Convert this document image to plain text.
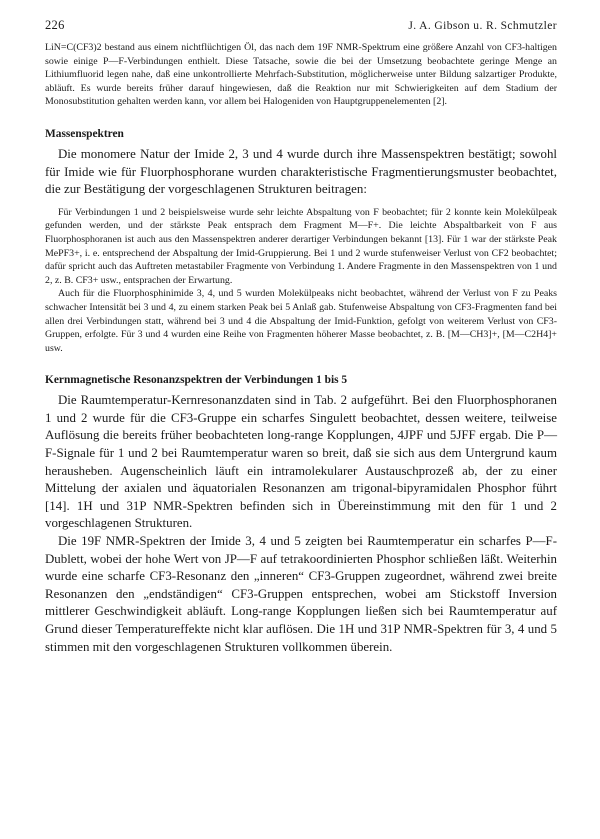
226	J. A. Gibson u. R. Schmutzler

LiN=C(CF3)2 bestand aus einem nichtflüchtigen Öl, das nach dem 19F NMR-Spektrum eine größere Anzahl von CF3-haltigen sowie einige P—F-Verbindungen enthielt. Diese Tatsache, sowie die bei der Umsetzung beobachtete geringe Menge an Lithiumfluorid legen nahe, daß eine unkontrollierte Mehrfach-Substitution, möglicherweise unter Bildung salzartiger Produkte, abläuft. Es wurde bereits früher darauf hingewiesen, daß die Reaktion nur mit Schwierigkeiten auf dem Stadium der Monosubstitution gehalten werden kann, vor allem bei Halogeniden von Hauptgruppenelementen [2].

Massenspektren

Die monomere Natur der Imide 2, 3 und 4 wurde durch ihre Massenspektren bestätigt; sowohl für Imide wie für Fluorphosphorane wurden charakteristische Fragmentierungsmuster beobachtet, die zur Bestätigung der vorgeschlagenen Strukturen beitragen:

Für Verbindungen 1 und 2 beispielsweise wurde sehr leichte Abspaltung von F beobachtet; für 2 konnte kein Molekülpeak gefunden werden, und der stärkste Peak entsprach dem Fragment M—F+. Die leichte Abspaltbarkeit von F aus Fluorphosphoranen ist auch aus den Massenspektren anderer derartiger Verbindungen bekannt [13]. Für 1 war der stärkste Peak MePF3+, i. e. entsprechend der Abspaltung der Imid-Gruppierung. Bei 1 und 2 wurde stufenweiser Verlust von CF2 beobachtet; dafür spricht auch das Auftreten metastabiler Fragmente von Verbindung 1. Andere Fragmente in den Massenspektren von 1 und 2, z. B. CF3+ usw., entsprachen der Erwartung.

Auch für die Fluorphosphinimide 3, 4, und 5 wurden Molekülpeaks nicht beobachtet, während der Verlust von F zu Peaks schwacher Intensität bei 3 und 4, zu einem starken Peak bei 5 Anlaß gab. Stufenweise Abspaltung von CF3-Fragmenten fand bei allen drei Verbindungen statt, während bei 3 und 4 die Abspaltung der Imid-Funktion, gefolgt von weiterem Verlust von CF3-Gruppen, erfolgte. Für 3 und 4 wurden eine Reihe von Fragmenten höherer Masse beobachtet, z. B. [M—CH3]+, [M—C2H4]+ usw.

Kernmagnetische Resonanzspektren der Verbindungen 1 bis 5

Die Raumtemperatur-Kernresonanzdaten sind in Tab. 2 aufgeführt. Bei den Fluorphosphoranen 1 und 2 wurde für die CF3-Gruppe ein scharfes Singulett beobachtet, dessen weitere, teilweise Auflösung die bereits früher beobachteten long-range Kopplungen, 4JPF und 5JFF ergab. Die P—F-Signale für 1 und 2 bei Raumtemperatur waren so breit, daß sie sich aus dem Untergrund kaum herausheben. Augenscheinlich läuft ein intramolekularer Austauschprozeß ab, der zu einer Mittelung der axialen und äquatorialen Resonanzen am trigonal-bipyramidalen Phosphor führt [14]. 1H und 31P NMR-Spektren befinden sich in Übereinstimmung mit den für 1 und 2 vorgeschlagenen Strukturen.

Die 19F NMR-Spektren der Imide 3, 4 und 5 zeigten bei Raumtemperatur ein scharfes P—F-Dublett, wobei der hohe Wert von JP—F auf tetrakoordinierten Phosphor schließen läßt. Weiterhin wurde eine scharfe CF3-Resonanz den „inneren“ CF3-Gruppen zugeordnet, während zwei breite Resonanzen den „endständigen“ CF3-Gruppen entsprechen, wobei am Stickstoff Inversion mittlerer Geschwindigkeit abläuft. Long-range Kopplungen ließen sich bei Raumtemperatur auf Grund dieser Temperatureffekte nicht klar auflösen. Die 1H und 31P NMR-Spektren für 3, 4 und 5 stimmen mit den vorgeschlagenen Strukturen vollkommen überein.
